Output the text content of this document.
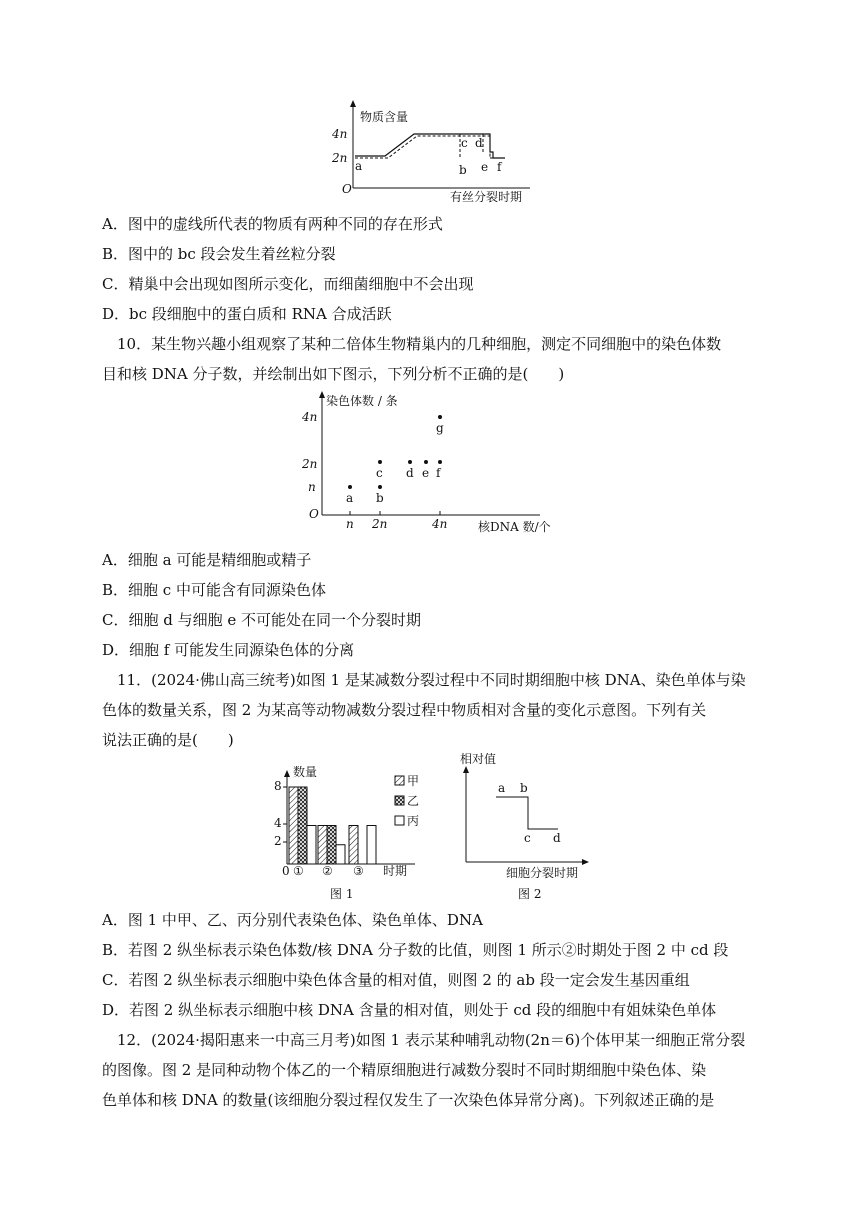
物质含量
4n
2n
O
a	b
c d
e f
有丝分裂时期
A．图中的虚线所代表的物质有两种不同的存在形式
B．图中的 bc 段会发生着丝粒分裂
C．精巢中会出现如图所示变化，而细菌细胞中不会出现
D．bc 段细胞中的蛋白质和 RNA 合成活跃
10．某生物兴趣小组观察了某种二倍体生物精巢内的几种细胞，测定不同细胞中的染色体数
目和核 DNA 分子数，并绘制出如下图示，下列分析不正确的是(　　)
染色体数 / 条
4n
2n
n
O
n 2n	4n	核DNA 数/个
a b
c d e f
g
A．细胞 a 可能是精细胞或精子
B．细胞 c 中可能含有同源染色体
C．细胞 d 与细胞 e 不可能处在同一个分裂时期
D．细胞 f 可能发生同源染色体的分离
11．(2024·佛山高三统考)如图 1 是某减数分裂过程中不同时期细胞中核 DNA、染色单体与染
色体的数量关系，图 2 为某高等动物减数分裂过程中物质相对含量的变化示意图。下列有关
说法正确的是(　　)
数量
8
4
2
0 ① ② ③ 时期
甲
乙
丙
图 1
相对值
a b
c d
细胞分裂时期
图 2
A．图 1 中甲、乙、丙分别代表染色体、染色单体、DNA
B．若图 2 纵坐标表示染色体数/核 DNA 分子数的比值，则图 1 所示②时期处于图 2 中 cd 段
C．若图 2 纵坐标表示细胞中染色体含量的相对值，则图 2 的 ab 段一定会发生基因重组
D．若图 2 纵坐标表示细胞中核 DNA 含量的相对值，则处于 cd 段的细胞中有姐妹染色单体
12．(2024·揭阳惠来一中高三月考)如图 1 表示某种哺乳动物(2n＝6)个体甲某一细胞正常分裂
的图像。图 2 是同种动物个体乙的一个精原细胞进行减数分裂时不同时期细胞中染色体、染
色单体和核 DNA 的数量(该细胞分裂过程仅发生了一次染色体异常分离)。下列叙述正确的是
